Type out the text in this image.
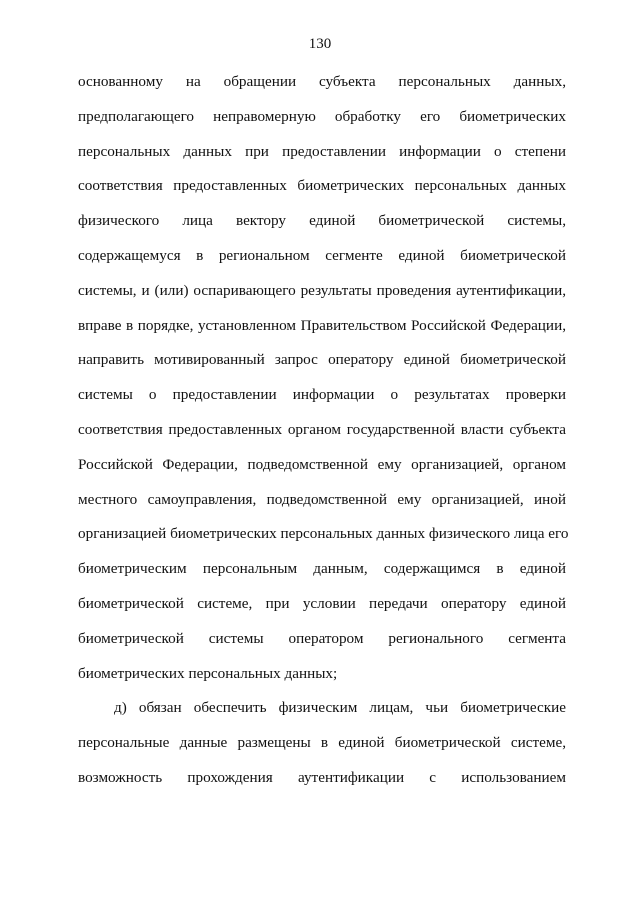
130
основанному на обращении субъекта персональных данных,
предполагающего неправомерную обработку его биометрических
персональных данных при предоставлении информации о степени
соответствия предоставленных биометрических персональных данных
физического лица вектору единой биометрической системы,
содержащемуся в региональном сегменте единой биометрической
системы, и (или) оспаривающего результаты проведения аутентификации,
вправе в порядке, установленном Правительством Российской Федерации,
направить мотивированный запрос оператору единой биометрической
системы о предоставлении информации о результатах проверки
соответствия предоставленных органом государственной власти субъекта
Российской Федерации, подведомственной ему организацией, органом
местного самоуправления, подведомственной ему организацией, иной
организацией биометрических персональных данных физического лица его
биометрическим персональным данным, содержащимся в единой
биометрической системе, при условии передачи оператору единой
биометрической системы оператором регионального сегмента
биометрических персональных данных;
д) обязан обеспечить физическим лицам, чьи биометрические
персональные данные размещены в единой биометрической системе,
возможность прохождения аутентификации с использованием
